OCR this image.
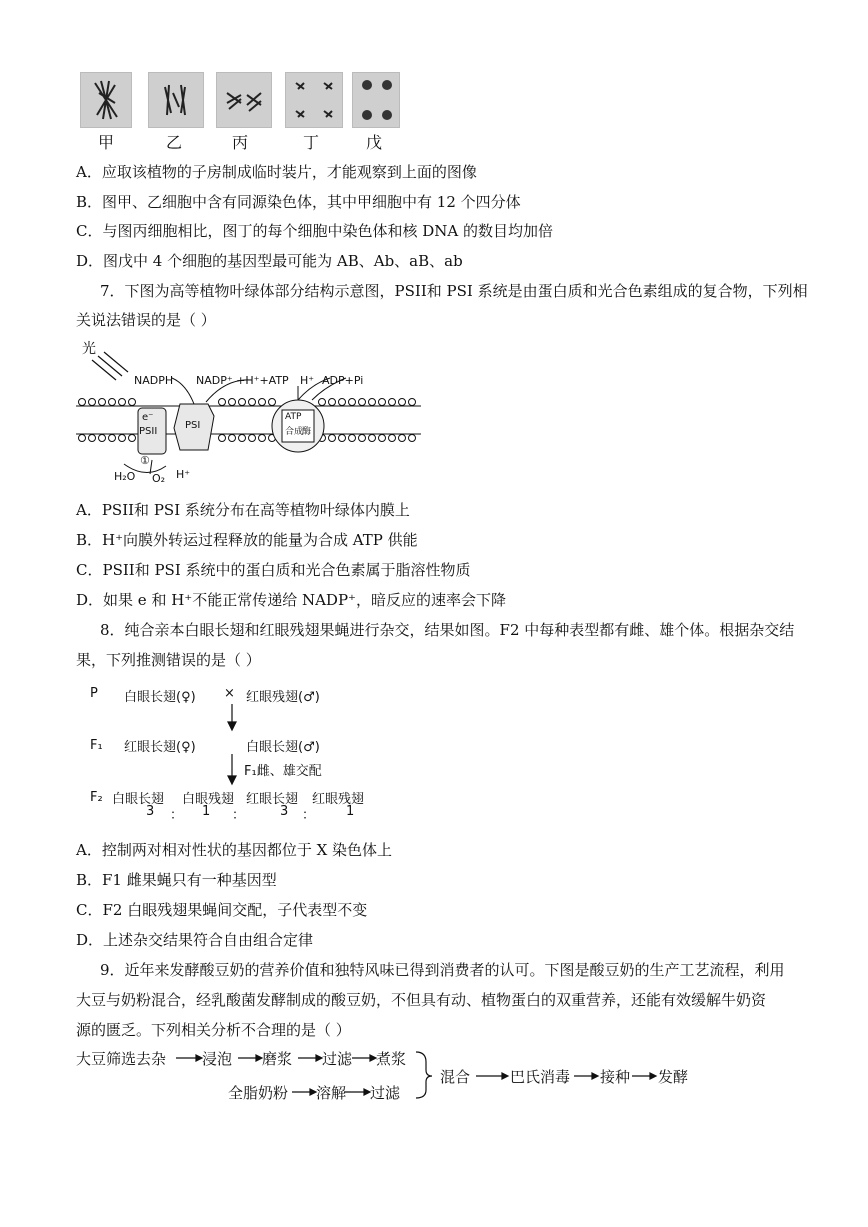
甲	乙	丙	丁	戊
A．应取该植物的子房制成临时装片，才能观察到上面的图像
B．图甲、乙细胞中含有同源染色体，其中甲细胞中有 12 个四分体
C．与图丙细胞相比，图丁的每个细胞中染色体和核 DNA 的数目均加倍
D．图戊中 4 个细胞的基因型最可能为 AB、Ab、aB、ab
7．下图为高等植物叶绿体部分结构示意图，PSII和 PSI 系统是由蛋白质和光合色素组成的复合物，下列相
关说法错误的是（ ）
光
NADPH NADP⁺ +H⁺+ATP H⁺ ADP+Pi
e⁻
PSII
PSI
ATP
合成
酶
①
H₂O O₂ H⁺
A．PSII和 PSI 系统分布在高等植物叶绿体内膜上
B．H⁺向膜外转运过程释放的能量为合成 ATP 供能
C．PSII和 PSI 系统中的蛋白质和光合色素属于脂溶性物质
D．如果 e 和 H⁺不能正常传递给 NADP⁺，暗反应的速率会下降
8．纯合亲本白眼长翅和红眼残翅果蝇进行杂交，结果如图。F2 中每种表型都有雌、雄个体。根据杂交结
果，下列推测错误的是（ ）
P 白眼长翅(♀) × 红眼残翅(♂)
F₁ 红眼长翅(♀)	白眼长翅(♂)
F₁雌、雄交配
F₂ 白眼长翅 白眼残翅 红眼长翅 红眼残翅
3 ： 1 ：	3 ： 1
A．控制两对相对性状的基因都位于 X 染色体上
B．F1 雌果蝇只有一种基因型
C．F2 白眼残翅果蝇间交配，子代表型不变
D．上述杂交结果符合自由组合定律
9．近年来发酵酸豆奶的营养价值和独特风味已得到消费者的认可。下图是酸豆奶的生产工艺流程，利用
大豆与奶粉混合，经乳酸菌发酵制成的酸豆奶，不但具有动、植物蛋白的双重营养，还能有效缓解牛奶资
源的匮乏。下列相关分析不合理的是（ ）
大豆筛选去杂 浸泡 磨浆 过滤 煮浆
全脂奶粉 溶解 过滤
混合	巴氏消毒 接种 发酵
